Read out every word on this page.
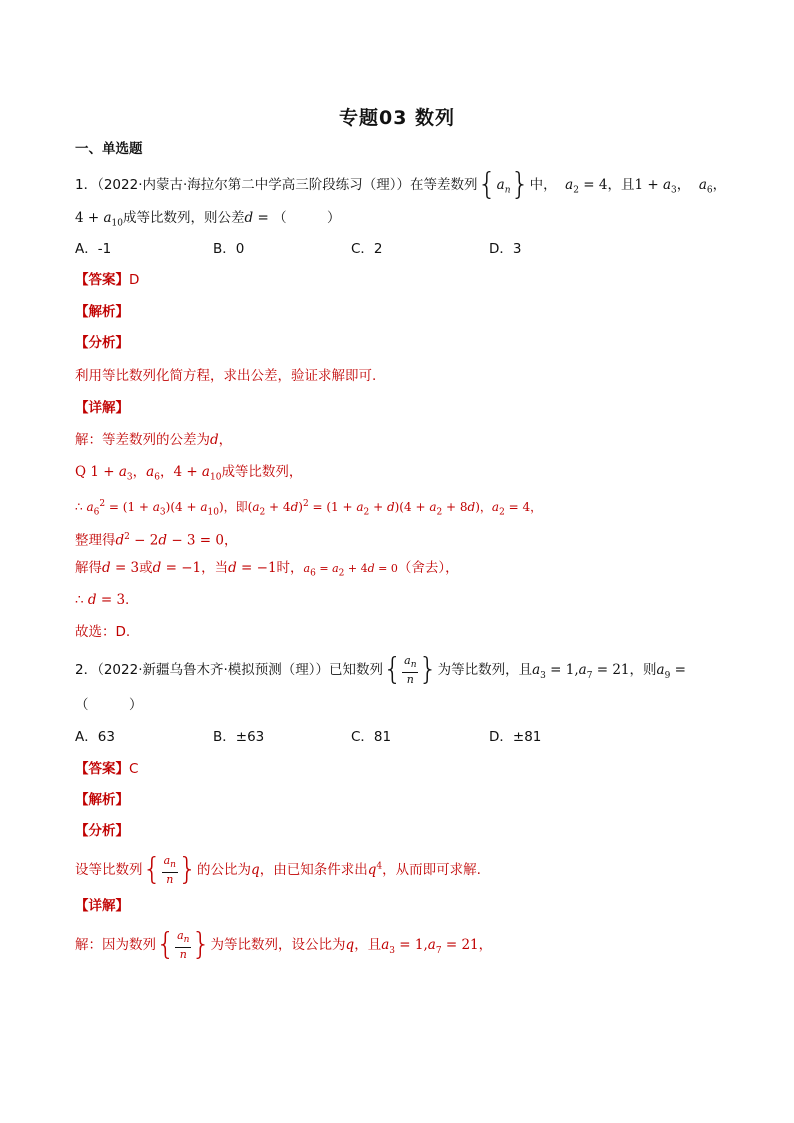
专题03 数列
一、单选题
1．（2022·内蒙古·海拉尔第二中学高三阶段练习（理））在等差数列$\{a_n\}$中， $a_2 = 4$，且$1 + a_3$，  $a_6$，
$4 + a_{10}$成等比数列，则公差d = （　　　）
A．-1	B．0	C．2	D．3
【答案】D
【解析】
【分析】
利用等比数列化简方程，求出公差，验证求解即可.
【详解】
解：等差数列的公差为d，
Q $1 + a_3$，$a_6$，$4 + a_{10}$成等比数列，
∴ $a_6^2 = (1 + a_3)(4 + a_{10})$，即$(a_2 + 4d)^2 = (1 + a_2 + d)(4 + a_2 + 8d)$，$a_2 = 4$，
整理得$d^2 - 2d - 3 = 0$，
解得d = 3或d = −1，当d = −1时，$a_6 = a_2 + 4d = 0$（舍去），
∴ d = 3.
故选：D.
2．（2022·新疆乌鲁木齐·模拟预测（理））已知数列{ $\frac{a_n}{n}$ }为等比数列，且$a_3 = 1,a_7 = 21$，则$a_9$ =
（　　　）
A．63	B．±63	C．81	D．±81
【答案】C
【解析】
【分析】
设等比数列{ $\frac{a_n}{n}$ }的公比为q，由已知条件求出$q^4$，从而即可求解.
【详解】
解：因为数列{ $\frac{a_n}{n}$ }为等比数列，设公比为q，且$a_3 = 1,a_7 = 21$，
